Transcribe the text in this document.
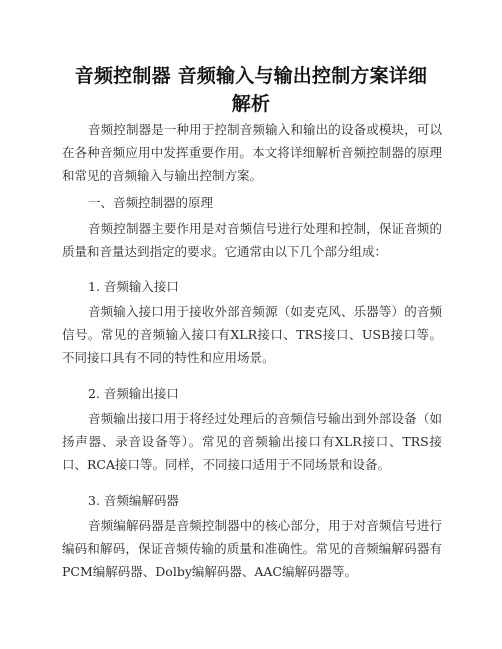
音频控制器 音频输入与输出控制方案详细解析

音频控制器是一种用于控制音频输入和输出的设备或模块，可以在各种音频应用中发挥重要作用。本文将详细解析音频控制器的原理和常见的音频输入与输出控制方案。

一、音频控制器的原理

音频控制器主要作用是对音频信号进行处理和控制，保证音频的质量和音量达到指定的要求。它通常由以下几个部分组成：

1. 音频输入接口

音频输入接口用于接收外部音频源（如麦克风、乐器等）的音频信号。常见的音频输入接口有XLR接口、TRS接口、USB接口等。不同接口具有不同的特性和应用场景。

2. 音频输出接口

音频输出接口用于将经过处理后的音频信号输出到外部设备（如扬声器、录音设备等）。常见的音频输出接口有XLR接口、TRS接口、RCA接口等。同样，不同接口适用于不同场景和设备。

3. 音频编解码器

音频编解码器是音频控制器中的核心部分，用于对音频信号进行编码和解码，保证音频传输的质量和准确性。常见的音频编解码器有PCM编解码器、Dolby编解码器、AAC编解码器等。
